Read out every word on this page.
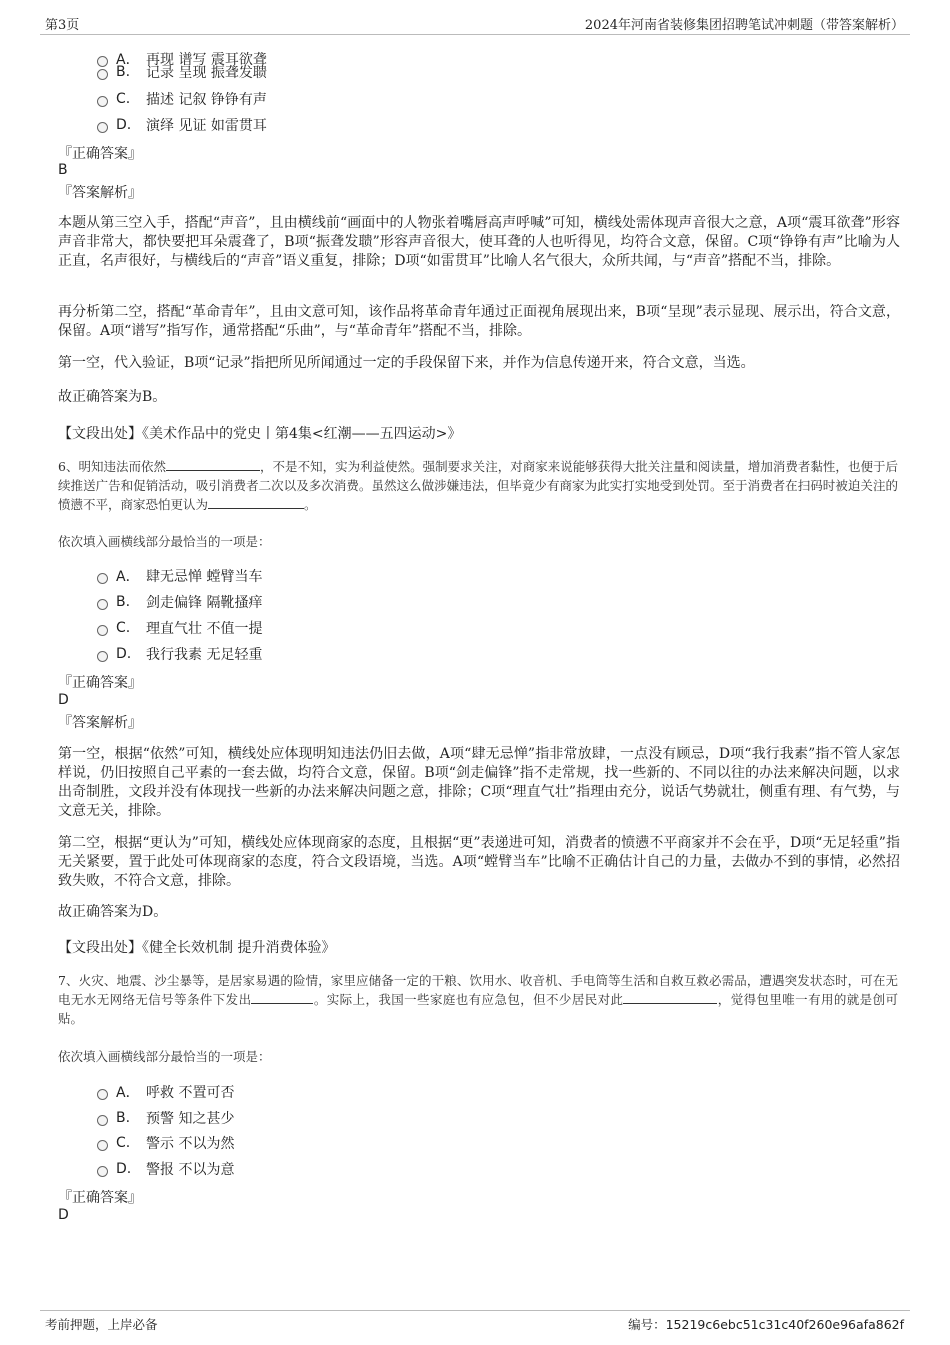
第3页	2024年河南省装修集团招聘笔试冲刺题（带答案解析）
A． 再现 谱写 震耳欲聋
B.	记录 呈现 振聋发聩
C.	描述 记叙 铮铮有声
D.	演绎 见证 如雷贯耳
『正确答案』
B
『答案解析』
本题从第三空入手，搭配“声音”，且由横线前“画面中的人物张着嘴唇高声呼喊”可知，横线处需体现声音很大之意，A项“震耳欲聋”形容声音非常大，都快要把耳朵震聋了，B项“振聋发聩”形容声音很大，使耳聋的人也听得见，均符合文意，保留。C项“铮铮有声”比喻为人正直，名声很好，与横线后的“声音”语义重复，排除；D项“如雷贯耳”比喻人名气很大，众所共闻，与“声音”搭配不当，排除。
再分析第二空，搭配“革命青年”，且由文意可知，该作品将革命青年通过正面视角展现出来，B项“呈现”表示显现、展示出，符合文意，保留。A项“谱写”指写作，通常搭配“乐曲”，与“革命青年”搭配不当，排除。
第一空，代入验证，B项“记录”指把所见所闻通过一定的手段保留下来，并作为信息传递开来，符合文意，当选。
故正确答案为B。
【文段出处】《美术作品中的党史丨第4集<红潮——五四运动>》
6、明知违法而依然	，不是不知，实为利益使然。强制要求关注，对商家来说能够获得大批关注量和阅读量，增加消费者黏性，也便于后续推送广告和促销活动，吸引消费者二次以及多次消费。虽然这么做涉嫌违法，但毕竟少有商家为此实打实地受到处罚。至于消费者在扫码时被迫关注的愤懑不平，商家恐怕更认为	。
依次填入画横线部分最恰当的一项是：
A． 肆无忌惮 螳臂当车
B.	剑走偏锋 隔靴搔痒
C.	理直气壮 不值一提
D.	我行我素 无足轻重
『正确答案』
D
『答案解析』
第一空，根据“依然”可知，横线处应体现明知违法仍旧去做，A项“肆无忌惮”指非常放肆，一点没有顾忌，D项“我行我素”指不管人家怎样说，仍旧按照自己平素的一套去做，均符合文意，保留。B项“剑走偏锋”指不走常规，找一些新的、不同以往的办法来解决问题，以求出奇制胜，文段并没有体现找一些新的办法来解决问题之意，排除；C项“理直气壮”指理由充分，说话气势就壮，侧重有理、有气势，与文意无关，排除。
第二空，根据“更认为”可知，横线处应体现商家的态度，且根据“更”表递进可知，消费者的愤懑不平商家并不会在乎，D项“无足轻重”指无关紧要，置于此处可体现商家的态度，符合文段语境，当选。A项“螳臂当车”比喻不正确估计自己的力量，去做办不到的事情，必然招致失败，不符合文意，排除。
故正确答案为D。
【文段出处】《健全长效机制 提升消费体验》
7、火灾、地震、沙尘暴等，是居家易遇的险情，家里应储备一定的干粮、饮用水、收音机、手电筒等生活和自救互救必需品，遭遇突发状态时，可在无电无水无网络无信号等条件下发出	。实际上，我国一些家庭也有应急包，但不少居民对此	，觉得包里唯一有用的就是创可贴。
依次填入画横线部分最恰当的一项是：
A． 呼救 不置可否
B.	预警 知之甚少
C.	警示 不以为然
D.	警报 不以为意
『正确答案』
D
考前押题，上岸必备	编号：15219c6ebc51c31c40f260e96afa862f
